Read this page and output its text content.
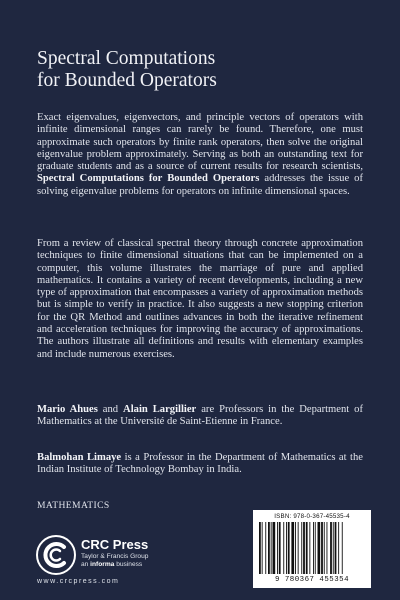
Spectral Computations
for Bounded Operators

Exact eigenvalues, eigenvectors, and principle vectors of operators with infinite dimensional ranges can rarely be found. Therefore, one must approximate such operators by finite rank operators, then solve the original eigenvalue problem approximately. Serving as both an outstanding text for graduate students and as a source of current results for research scientists, Spectral Computations for Bounded Operators addresses the issue of solving eigenvalue problems for operators on infinite dimensional spaces.

From a review of classical spectral theory through concrete approximation techniques to finite dimensional situations that can be implemented on a computer, this volume illustrates the marriage of pure and applied mathematics. It contains a variety of recent developments, including a new type of approximation that encompasses a variety of approximation methods but is simple to verify in practice. It also suggests a new stopping criterion for the QR Method and outlines advances in both the iterative refinement and acceleration techniques for improving the accuracy of approximations. The authors illustrate all definitions and results with elementary examples and include numerous exercises.

Mario Ahues and Alain Largillier are Professors in the Department of Mathematics at the Université de Saint-Etienne in France.

Balmohan Limaye is a Professor in the Department of Mathematics at the Indian Institute of Technology Bombay in India.

MATHEMATICS

CRC Press
Taylor & Francis Group
an informa business
www.crcpress.com
ISBN: 978-0-367-45535-4
9 780367 455354
